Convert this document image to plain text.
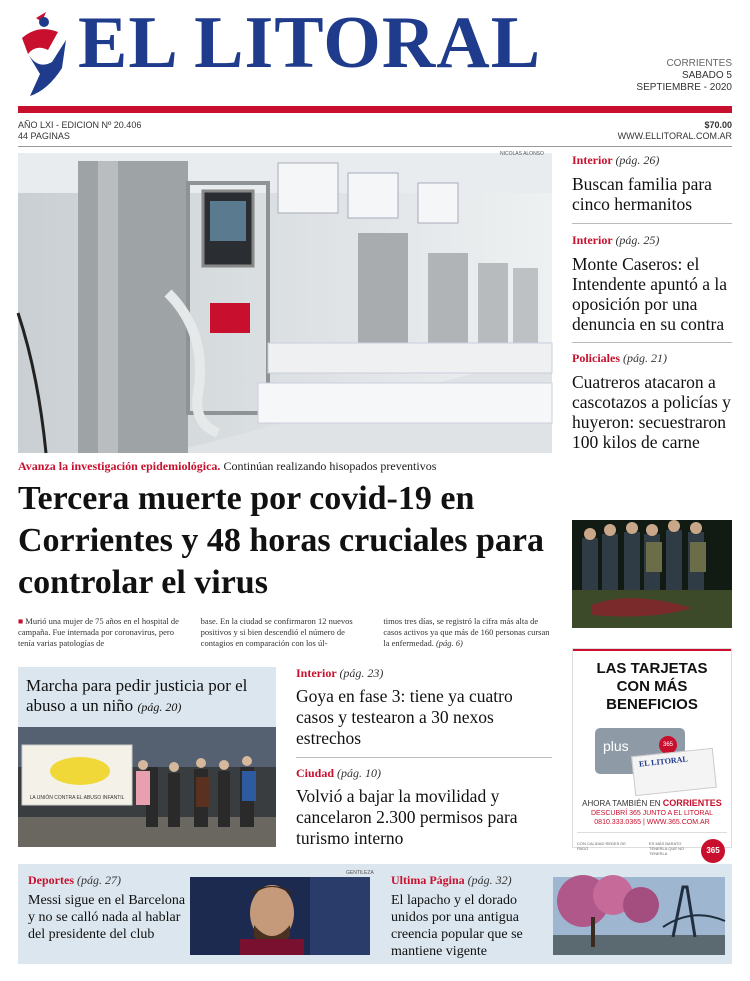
EL LITORAL	CORRIENTES
SABADO 5
SEPTIEMBRE - 2020
AÑO LXI - EDICION Nº 20.406
44 PAGINAS
$70.00
WWW.ELLITORAL.COM.AR
NICOLAS ALONSO
Avanza la investigación epidemiológica. Continúan realizando hisopados preventivos
Tercera muerte por covid-19 en Corrientes y 48 horas cruciales para controlar el virus
■ Murió una mujer de 75 años en el hospital de campaña. Fue internada por coronavirus, pero tenía varias patologías de
base. En la ciudad se confirmaron 12 nuevos positivos y si bien descendió el número de contagios en comparación con los úl-
timos tres días, se registró la cifra más alta de casos activos ya que más de 160 personas cursan la enfermedad. (pág. 6)
Interior (pág. 26)
Buscan familia para cinco hermanitos
Interior (pág. 25)
Monte Caseros: el Intendente apuntó a la oposición por una denuncia en su contra
Policiales (pág. 21)
Cuatreros atacaron a cascotazos a policías y huyeron: secuestraron 100 kilos de carne
Marcha para pedir justicia por el abuso a un niño (pág. 20)
LA UNIÓN CONTRA EL ABUSO INFANTIL
Interior (pág. 23)
Goya en fase 3: tiene ya cuatro casos y testearon a 30 nexos estrechos
Ciudad (pág. 10)
Volvió a bajar la movilidad y cancelaron 2.300 permisos para turismo interno
LAS TARJETAS CON MÁS BENEFICIOS
plus	365
EL LITORAL
AHORA TAMBIÉN EN CORRIENTES
DESCUBRÍ 365 JUNTO A EL LITORAL
0810.333.0365 | WWW.365.COM.AR
CON CALIDAD REDES DE PAGO
ES MÁS BARATO TENERLA QUE NO TENERLA	365
Deportes (pág. 27)
Messi sigue en el Barcelona y no se calló nada al hablar del presidente del club
GENTILEZA Ultima Página (pág. 32)
El lapacho y el dorado unidos por una antigua creencia popular que se mantiene vigente
